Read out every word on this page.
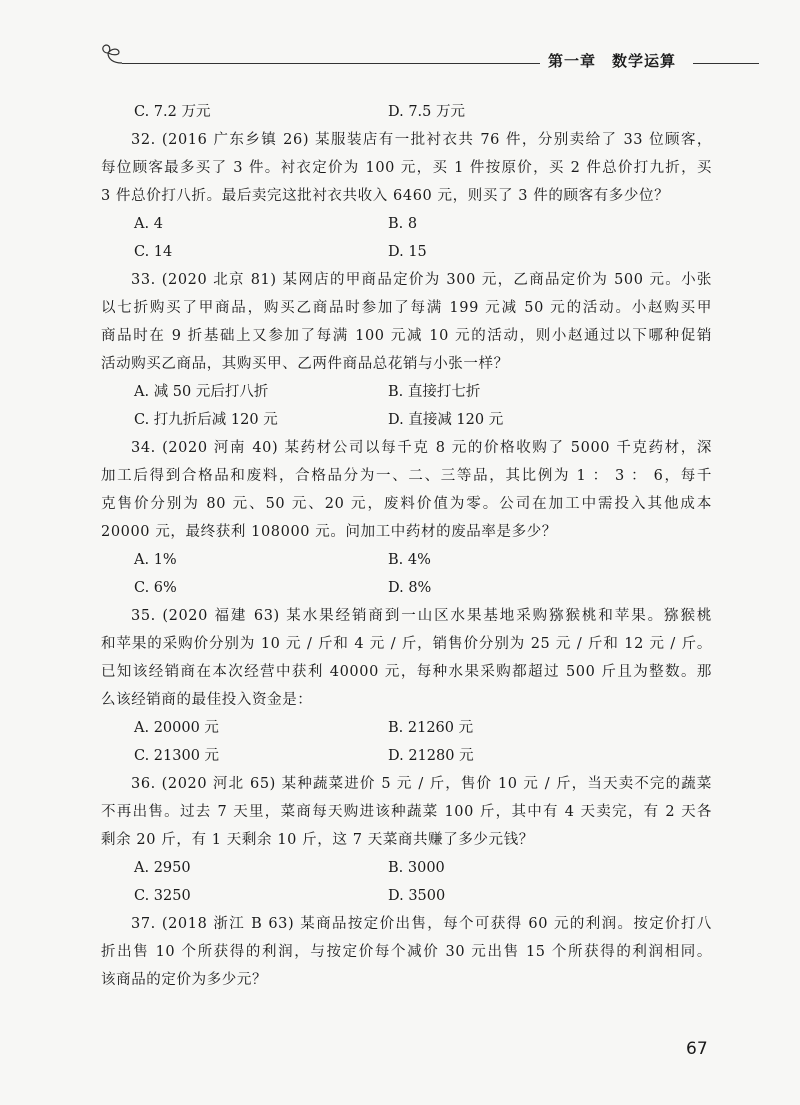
第一章　数学运算
C. 7.2 万元	D. 7.5 万元

32. (2016 广东乡镇 26) 某服装店有一批衬衣共 76 件，分别卖给了 33 位顾客，

每位顾客最多买了 3 件。衬衣定价为 100 元，买 1 件按原价，买 2 件总价打九折，买

3 件总价打八折。最后卖完这批衬衣共收入 6460 元，则买了 3 件的顾客有多少位？

A. 4	B. 8
C. 14	D. 15

33. (2020 北京 81) 某网店的甲商品定价为 300 元，乙商品定价为 500 元。小张

以七折购买了甲商品，购买乙商品时参加了每满 199 元减 50 元的活动。小赵购买甲

商品时在 9 折基础上又参加了每满 100 元减 10 元的活动，则小赵通过以下哪种促销

活动购买乙商品，其购买甲、乙两件商品总花销与小张一样？

A. 减 50 元后打八折	B. 直接打七折
C. 打九折后减 120 元	D. 直接减 120 元

34. (2020 河南 40) 某药材公司以每千克 8 元的价格收购了 5000 千克药材，深

加工后得到合格品和废料，合格品分为一、二、三等品，其比例为 1 ： 3 ： 6，每千

克售价分别为 80 元、50 元、20 元，废料价值为零。公司在加工中需投入其他成本

20000 元，最终获利 108000 元。问加工中药材的废品率是多少？

A. 1%	B. 4%
C. 6%	D. 8%

35. (2020 福建 63) 某水果经销商到一山区水果基地采购猕猴桃和苹果。猕猴桃

和苹果的采购价分别为 10 元 / 斤和 4 元 / 斤，销售价分别为 25 元 / 斤和 12 元 / 斤。

已知该经销商在本次经营中获利 40000 元，每种水果采购都超过 500 斤且为整数。那

么该经销商的最佳投入资金是：

A. 20000 元	B. 21260 元
C. 21300 元	D. 21280 元

36. (2020 河北 65) 某种蔬菜进价 5 元 / 斤，售价 10 元 / 斤，当天卖不完的蔬菜

不再出售。过去 7 天里，菜商每天购进该种蔬菜 100 斤，其中有 4 天卖完，有 2 天各

剩余 20 斤，有 1 天剩余 10 斤，这 7 天菜商共赚了多少元钱？

A. 2950	B. 3000
C. 3250	D. 3500

37. (2018 浙江 B 63) 某商品按定价出售，每个可获得 60 元的利润。按定价打八

折出售 10 个所获得的利润，与按定价每个减价 30 元出售 15 个所获得的利润相同。

该商品的定价为多少元？

67
